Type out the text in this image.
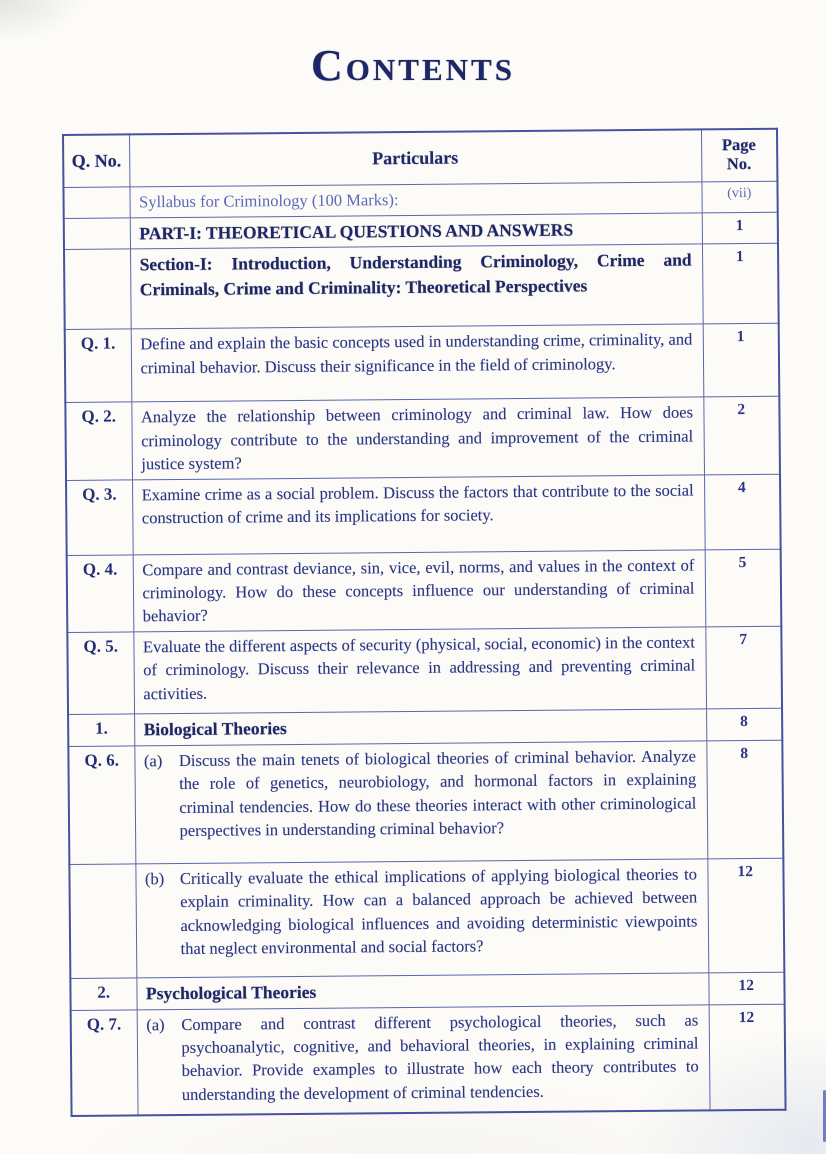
Contents
Q. No.	Particulars	Page
No.

	Syllabus for Criminology (100 Marks):	(vii)

	PART-I: THEORETICAL QUESTIONS AND ANSWERS	1

	Section-I: Introduction, Understanding Criminology, Crime and Criminals, Crime and Criminality: Theoretical Perspectives	1
Q. 1.	Define and explain the basic concepts used in understanding crime, criminality, and criminal behavior. Discuss their significance in the field of criminology.	1
Q. 2.	Analyze the relationship between criminology and criminal law. How does criminology contribute to the understanding and improvement of the criminal justice system?	2
Q. 3.	Examine crime as a social problem. Discuss the factors that contribute to the social construction of crime and its implications for society.	4
Q. 4.	Compare and contrast deviance, sin, vice, evil, norms, and values in the context of criminology. How do these concepts influence our understanding of criminal behavior?	5
Q. 5.	Evaluate the different aspects of security (physical, social, economic) in the context of criminology. Discuss their relevance in addressing and preventing criminal activities.	7
1.	Biological Theories	8
Q. 6.	(a) Discuss the main tenets of biological theories of criminal behavior. Analyze the role of genetics, neurobiology, and hormonal factors in explaining criminal tendencies. How do these theories interact with other criminological perspectives in understanding criminal behavior?	8

	(b) Critically evaluate the ethical implications of applying biological theories to explain criminality. How can a balanced approach be achieved between acknowledging biological influences and avoiding deterministic viewpoints that neglect environmental and social factors?	12
2.	Psychological Theories	12
Q. 7.	(a) Compare and contrast different psychological theories, such as psychoanalytic, cognitive, and behavioral theories, in explaining criminal behavior. Provide examples to illustrate how each theory contributes to understanding the development of criminal tendencies.	12
